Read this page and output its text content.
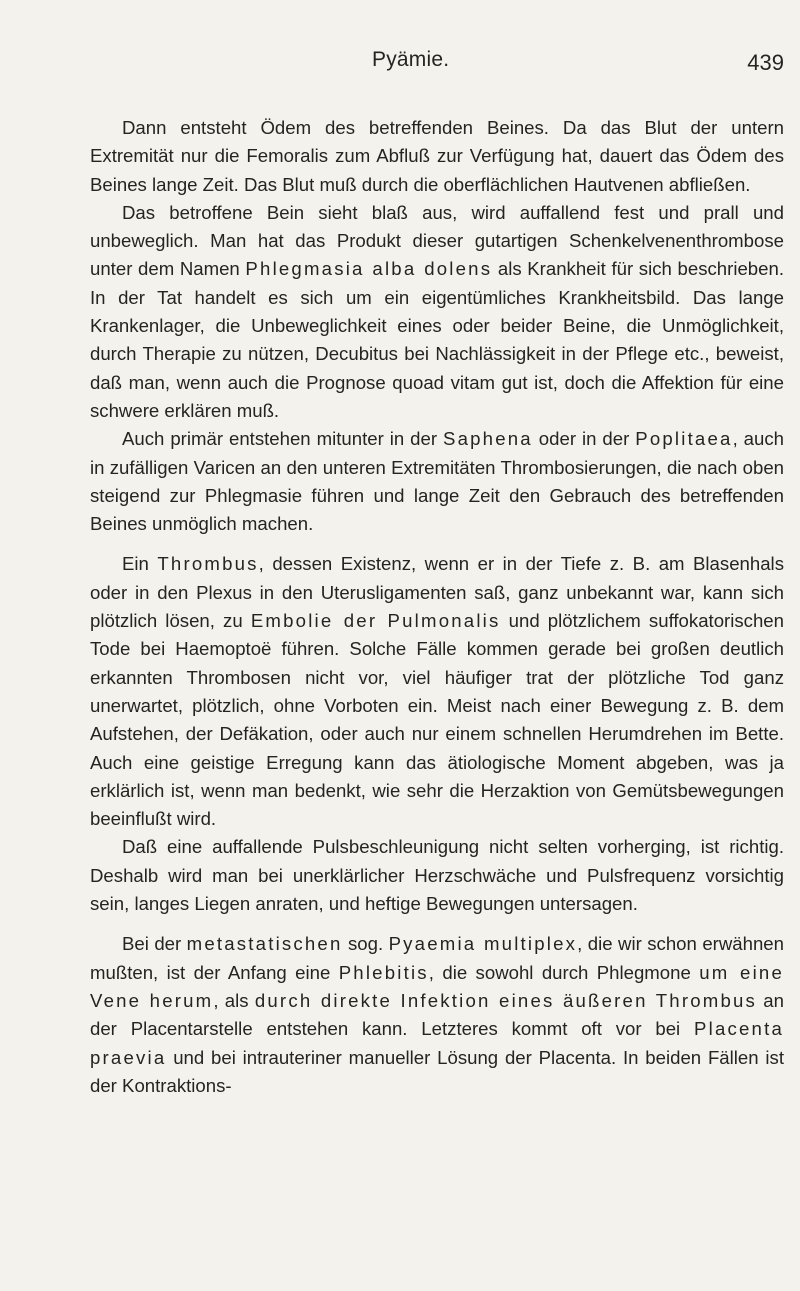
Pyämie.	439

Dann entsteht Ödem des betreffenden Beines. Da das Blut der untern Extremität nur die Femoralis zum Abfluß zur Verfügung hat, dauert das Ödem des Beines lange Zeit. Das Blut muß durch die oberflächlichen Hautvenen abfließen.

Das betroffene Bein sieht blaß aus, wird auffallend fest und prall und unbeweglich. Man hat das Produkt dieser gutartigen Schenkelvenenthrombose unter dem Namen Phlegmasia alba dolens als Krankheit für sich beschrieben. In der Tat handelt es sich um ein eigentümliches Krankheitsbild. Das lange Krankenlager, die Unbeweglichkeit eines oder beider Beine, die Unmöglichkeit, durch Therapie zu nützen, Decubitus bei Nachlässigkeit in der Pflege etc., beweist, daß man, wenn auch die Prognose quoad vitam gut ist, doch die Affektion für eine schwere erklären muß.

Auch primär entstehen mitunter in der Saphena oder in der Poplitaea, auch in zufälligen Varicen an den unteren Extremitäten Thrombosierungen, die nach oben steigend zur Phlegmasie führen und lange Zeit den Gebrauch des betreffenden Beines unmöglich machen.

Ein Thrombus, dessen Existenz, wenn er in der Tiefe z. B. am Blasenhals oder in den Plexus in den Uterusligamenten saß, ganz unbekannt war, kann sich plötzlich lösen, zu Embolie der Pulmonalis und plötzlichem suffokatorischen Tode bei Haemoptoë führen. Solche Fälle kommen gerade bei großen deutlich erkannten Thrombosen nicht vor, viel häufiger trat der plötzliche Tod ganz unerwartet, plötzlich, ohne Vorboten ein. Meist nach einer Bewegung z. B. dem Aufstehen, der Defäkation, oder auch nur einem schnellen Herumdrehen im Bette. Auch eine geistige Erregung kann das ätiologische Moment abgeben, was ja erklärlich ist, wenn man bedenkt, wie sehr die Herzaktion von Gemütsbewegungen beeinflußt wird.

Daß eine auffallende Pulsbeschleunigung nicht selten vorherging, ist richtig. Deshalb wird man bei unerklärlicher Herzschwäche und Pulsfrequenz vorsichtig sein, langes Liegen anraten, und heftige Bewegungen untersagen.

Bei der metastatischen sog. Pyaemia multiplex, die wir schon erwähnen mußten, ist der Anfang eine Phlebitis, die sowohl durch Phlegmone um eine Vene herum, als durch direkte Infektion eines äußeren Thrombus an der Placentarstelle entstehen kann. Letzteres kommt oft vor bei Placenta praevia und bei intrauteriner manueller Lösung der Placenta. In beiden Fällen ist der Kontraktions-
